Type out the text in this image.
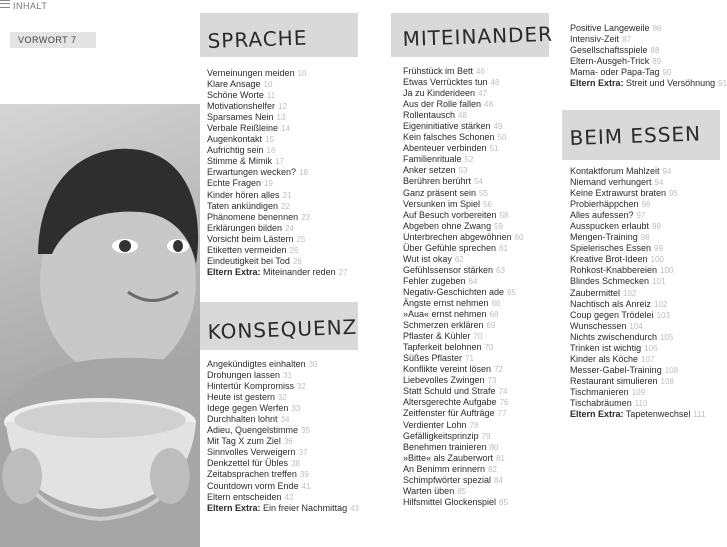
INHALT
VORWORT 7	SPRACHE
Verneinungen meiden 10
Klare Ansage 10
Schöne Worte 11
Motivationshelfer 12
Sparsames Nein 13
Verbale Reißleine 14
Augenkontakt 15
Aufrichtig sein 16
Stimme & Mimik 17
Erwartungen wecken? 18
Echte Fragen 19
Kinder hören alles 21
Taten ankündigen 22
Phänomene benennen 23
Erklärungen bilden 24
Vorsicht beim Lästern 25
Etiketten vermeiden 26
Eindeutigkeit bei Tod 26
Eltern Extra: Miteinander reden 27
KONSEQUENZ
Angekündigtes einhalten 30
Drohungen lassen 31
Hintertür Kompromiss 32
Heute ist gestern 32
Idege gegen Werfen 33
Durchhalten lohnt 34
Adieu, Quengelstimme 35
Mit Tag X zum Ziel 36
Sinnvolles Verweigern 37
Denkzettel für Übles 38
Zeitabsprachen treffen 39
Countdown vorm Ende 41
Eltern entscheiden 42
Eltern Extra: Ein freier Nachmittag 43
MITEINANDER
Frühstück im Bett 46
Etwas Verrücktes tun 46
Ja zu Kinderideen 47
Aus der Rolle fallen 48
Rollentausch 48
Eigeninitiative stärken 49
Kein falsches Schonen 50
Abenteuer verbinden 51
Familienrituale 52
Anker setzen 53
Berühren berührt 54
Ganz präsent sein 55
Versunken im Spiel 56
Auf Besuch vorbereiten 58
Abgeben ohne Zwang 59
Unterbrechen abgewöhnen 60
Über Gefühle sprechen 61
Wut ist okay 62
Gefühlssensor stärken 63
Fehler zugeben 64
Negativ-Geschichten ade 65
Ängste ernst nehmen 66
»Aua« ernst nehmen 68
Schmerzen erklären 69
Pflaster & Kühler 70
Tapferkeit belohnen 70
Süßes Pflaster 71
Konflikte vereint lösen 72
Liebevolles Zwingen 73
Statt Schuld und Strafe 74
Altersgerechte Aufgabe 76
Zeitfenster für Aufträge 77
Verdienter Lohn 78
Gefälligkeitsprinzip 79
Benehmen trainieren 80
»Bitte« als Zauberwort 81
An Benimm erinnern 82
Schimpfwörter spezial 84
Warten üben 85
Hilfsmittel Glockenspiel 85
Positive Langeweile 86
Intensiv-Zeit 87
Gesellschaftsspiele 88
Eltern-Ausgeh-Trick 89
Mama- oder Papa-Tag 90
Eltern Extra: Streit und Versöhnung 91
BEIM ESSEN
Kontaktforum Mahlzeit 94
Niemand verhungert 94
Keine Extrawurst braten 95
Probierhäppchen 96
Alles aufessen? 97
Ausspucken erlaubt 98
Mengen-Training 98
Spielerisches Essen 99
Kreative Brot-Ideen 100
Rohkost-Knabbereien 100
Blindes Schmecken 101
Zaubermittel 102
Nachtisch als Anreiz 102
Coup gegen Trödelei 103
Wunschessen 104
Nichts zwischendurch 105
Trinken ist wichtig 106
Kinder als Köche 107
Messer-Gabel-Training 108
Restaurant simulieren 108
Tischmanieren 109
Tischabräumen 110
Eltern Extra: Tapetenwechsel 111
